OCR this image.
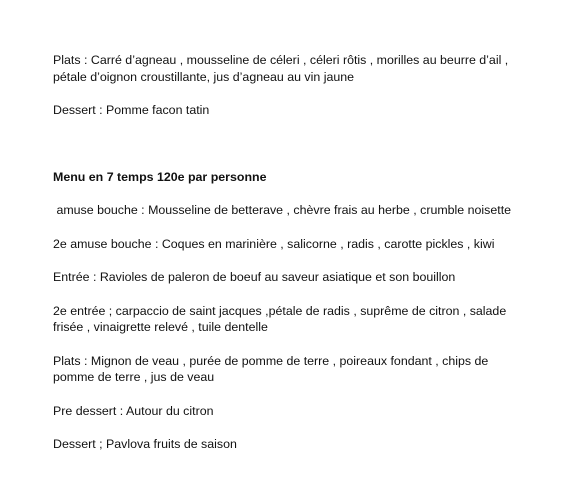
Plats : Carré d’agneau , mousseline de céleri , céleri rôtis , morilles au beurre d’ail , pétale d’oignon croustillante, jus d’agneau au vin jaune

Dessert : Pomme facon tatin

Menu en 7 temps 120e par personne

amuse bouche : Mousseline de betterave , chèvre frais au herbe , crumble noisette

2e amuse bouche : Coques en marinière , salicorne , radis , carotte pickles , kiwi

Entrée : Ravioles de paleron de boeuf au saveur asiatique et son bouillon

2e entrée ; carpaccio de saint jacques ,pétale de radis , suprême de citron , salade frisée , vinaigrette relevé , tuile dentelle

Plats : Mignon de veau , purée de pomme de terre , poireaux fondant , chips de pomme de terre , jus de veau

Pre dessert : Autour du citron

Dessert ; Pavlova fruits de saison
